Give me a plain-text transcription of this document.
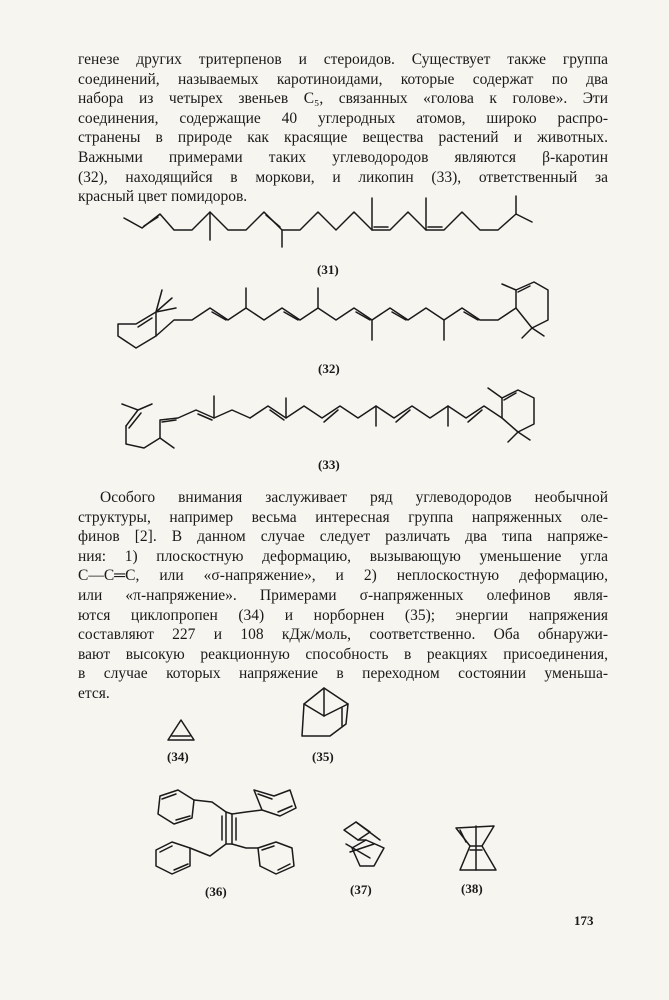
генезе других тритерпенов и стероидов. Существует также группа
соединений, называемых каротиноидами, которые содержат по два
набора из четырех звеньев C₅, связанных «голова к голове». Эти
соединения, содержащие 40 углеродных атомов, широко распро-
странены в природе как красящие вещества растений и животных.
Важными примерами таких углеводородов являются β-каротин
(32), находящийся в моркови, и ликопин (33), ответственный за
красный цвет помидоров.

(31)
(32)
(33)

Особого внимания заслуживает ряд углеводородов необычной
структуры, например весьма интересная группа напряженных оле-
финов [2]. В данном случае следует различать два типа напряже-
ния: 1) плоскостную деформацию, вызывающую уменьшение угла
C—C═C, или «σ-напряжение», и 2) неплоскостную деформацию,
или «π-напряжение». Примерами σ-напряженных олефинов явля-
ются циклопропен (34) и норборнен (35); энергии напряжения
составляют 227 и 108 кДж/моль, соответственно. Оба обнаружи-
вают высокую реакционную способность в реакциях присоединения,
в случае которых напряжение в переходном состоянии уменьша-
ется.

(34)	(35)
(36)	(37)	(38)
173
